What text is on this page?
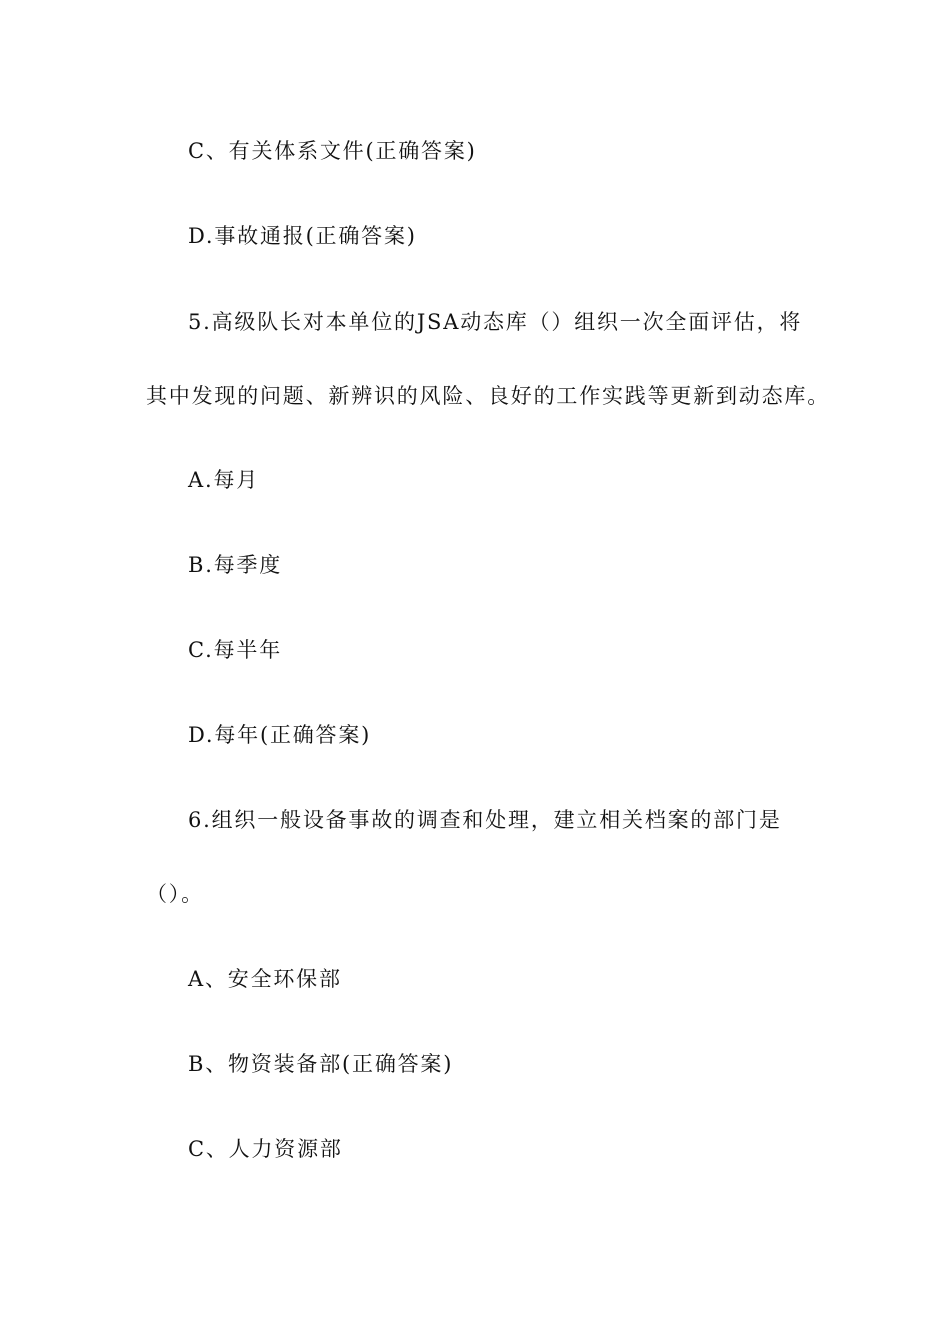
C、有关体系文件(正确答案)
D.事故通报(正确答案)
5.高级队长对本单位的JSA动态库（）组织一次全面评估，将
其中发现的问题、新辨识的风险、良好的工作实践等更新到动态库。
A.每月
B.每季度
C.每半年
D.每年(正确答案)
6.组织一般设备事故的调查和处理，建立相关档案的部门是
（）。
A、安全环保部
B、物资装备部(正确答案)
C、人力资源部
